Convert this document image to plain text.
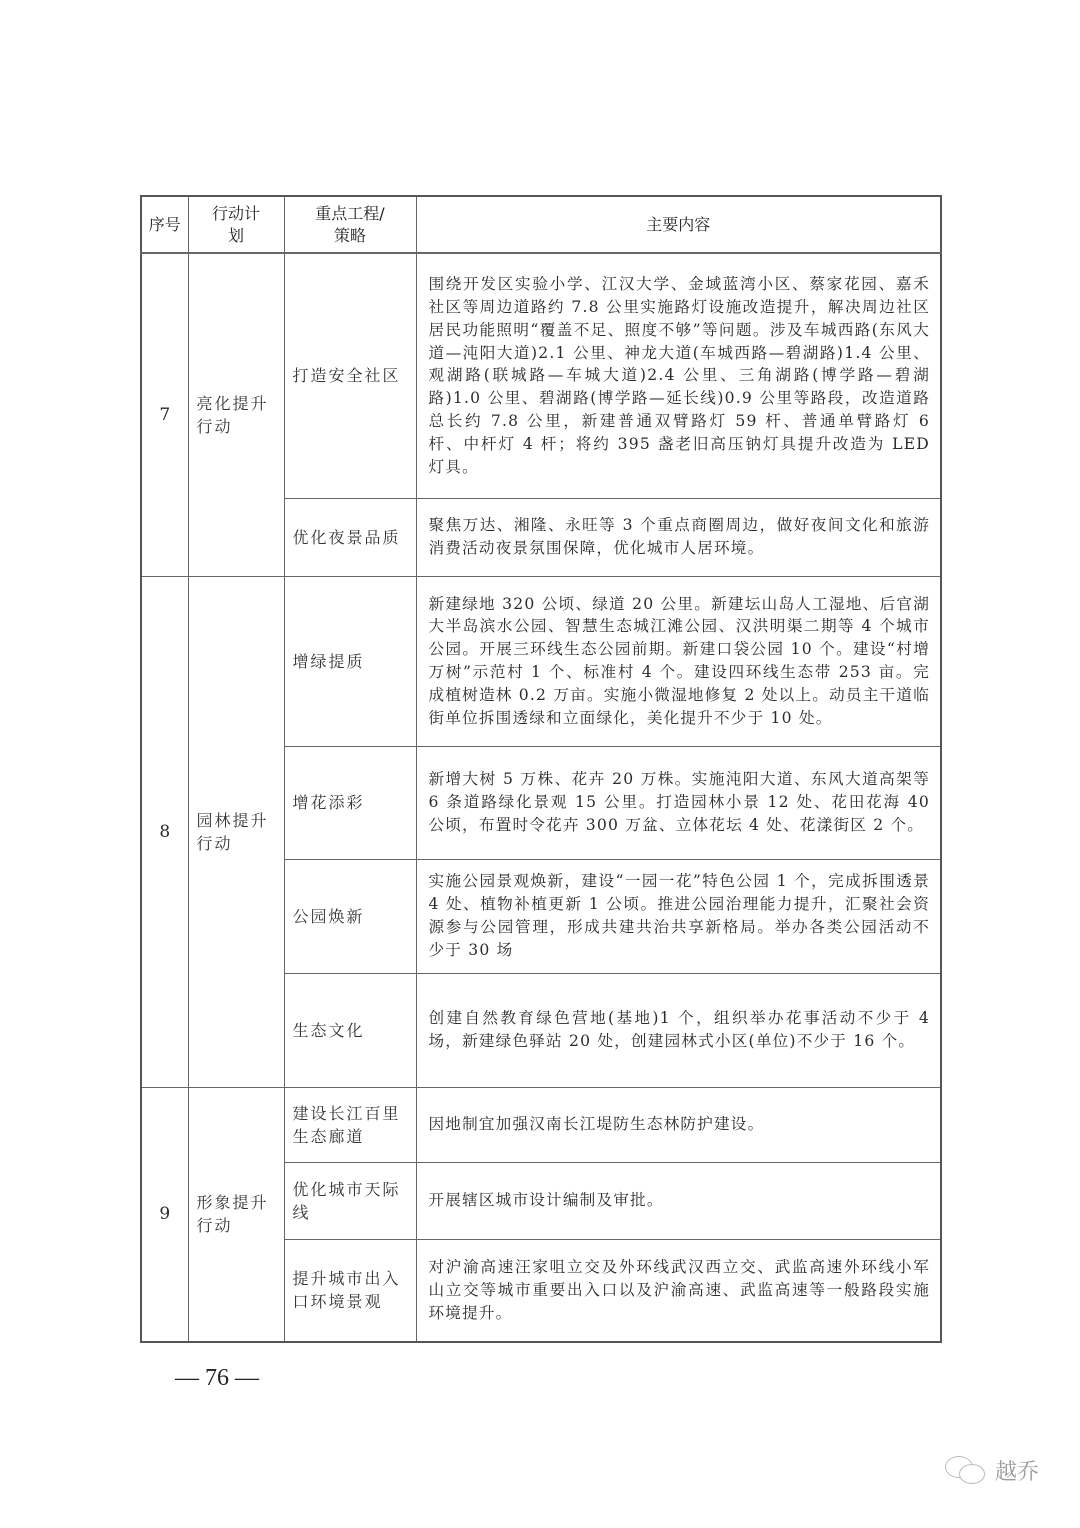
序号	行动计划	重点工程/策略	主要内容
7	亮化提升行动	打造安全社区	围绕开发区实验小学、江汉大学、金域蓝湾小区、蔡家花园、嘉禾社区等周边道路约 7.8 公里实施路灯设施改造提升，解决周边社区居民功能照明“覆盖不足、照度不够”等问题。涉及车城西路(东风大道—沌阳大道)2.1 公里、神龙大道(车城西路—碧湖路)1.4 公里、观湖路(联城路—车城大道)2.4 公里、三角湖路(博学路—碧湖路)1.0 公里、碧湖路(博学路—延长线)0.9 公里等路段，改造道路总长约 7.8 公里，新建普通双臂路灯 59 杆、普通单臂路灯 6 杆、中杆灯 4 杆；将约 395 盏老旧高压钠灯具提升改造为 LED 灯具。
		优化夜景品质	聚焦万达、湘隆、永旺等 3 个重点商圈周边，做好夜间文化和旅游消费活动夜景氛围保障，优化城市人居环境。
8	园林提升行动	增绿提质	新建绿地 320 公顷、绿道 20 公里。新建坛山岛人工湿地、后官湖大半岛滨水公园、智慧生态城江滩公园、汉洪明渠二期等 4 个城市公园。开展三环线生态公园前期。新建口袋公园 10 个。建设“村增万树”示范村 1 个、标准村 4 个。建设四环线生态带 253 亩。完成植树造林 0.2 万亩。实施小微湿地修复 2 处以上。动员主干道临街单位拆围透绿和立面绿化，美化提升不少于 10 处。
		增花添彩	新增大树 5 万株、花卉 20 万株。实施沌阳大道、东风大道高架等 6 条道路绿化景观 15 公里。打造园林小景 12 处、花田花海 40 公顷，布置时令花卉 300 万盆、立体花坛 4 处、花漾街区 2 个。
		公园焕新	实施公园景观焕新，建设“一园一花”特色公园 1 个，完成拆围透景 4 处、植物补植更新 1 公顷。推进公园治理能力提升，汇聚社会资源参与公园管理，形成共建共治共享新格局。举办各类公园活动不少于 30 场
		生态文化	创建自然教育绿色营地(基地)1 个，组织举办花事活动不少于 4 场，新建绿色驿站 20 处，创建园林式小区(单位)不少于 16 个。
9	形象提升行动	建设长江百里生态廊道	因地制宜加强汉南长江堤防生态林防护建设。
		优化城市天际线	开展辖区城市设计编制及审批。
		提升城市出入口环境景观	对沪渝高速汪家咀立交及外环线武汉西立交、武监高速外环线小军山立交等城市重要出入口以及沪渝高速、武监高速等一般路段实施环境提升。
— 76 —
越乔
